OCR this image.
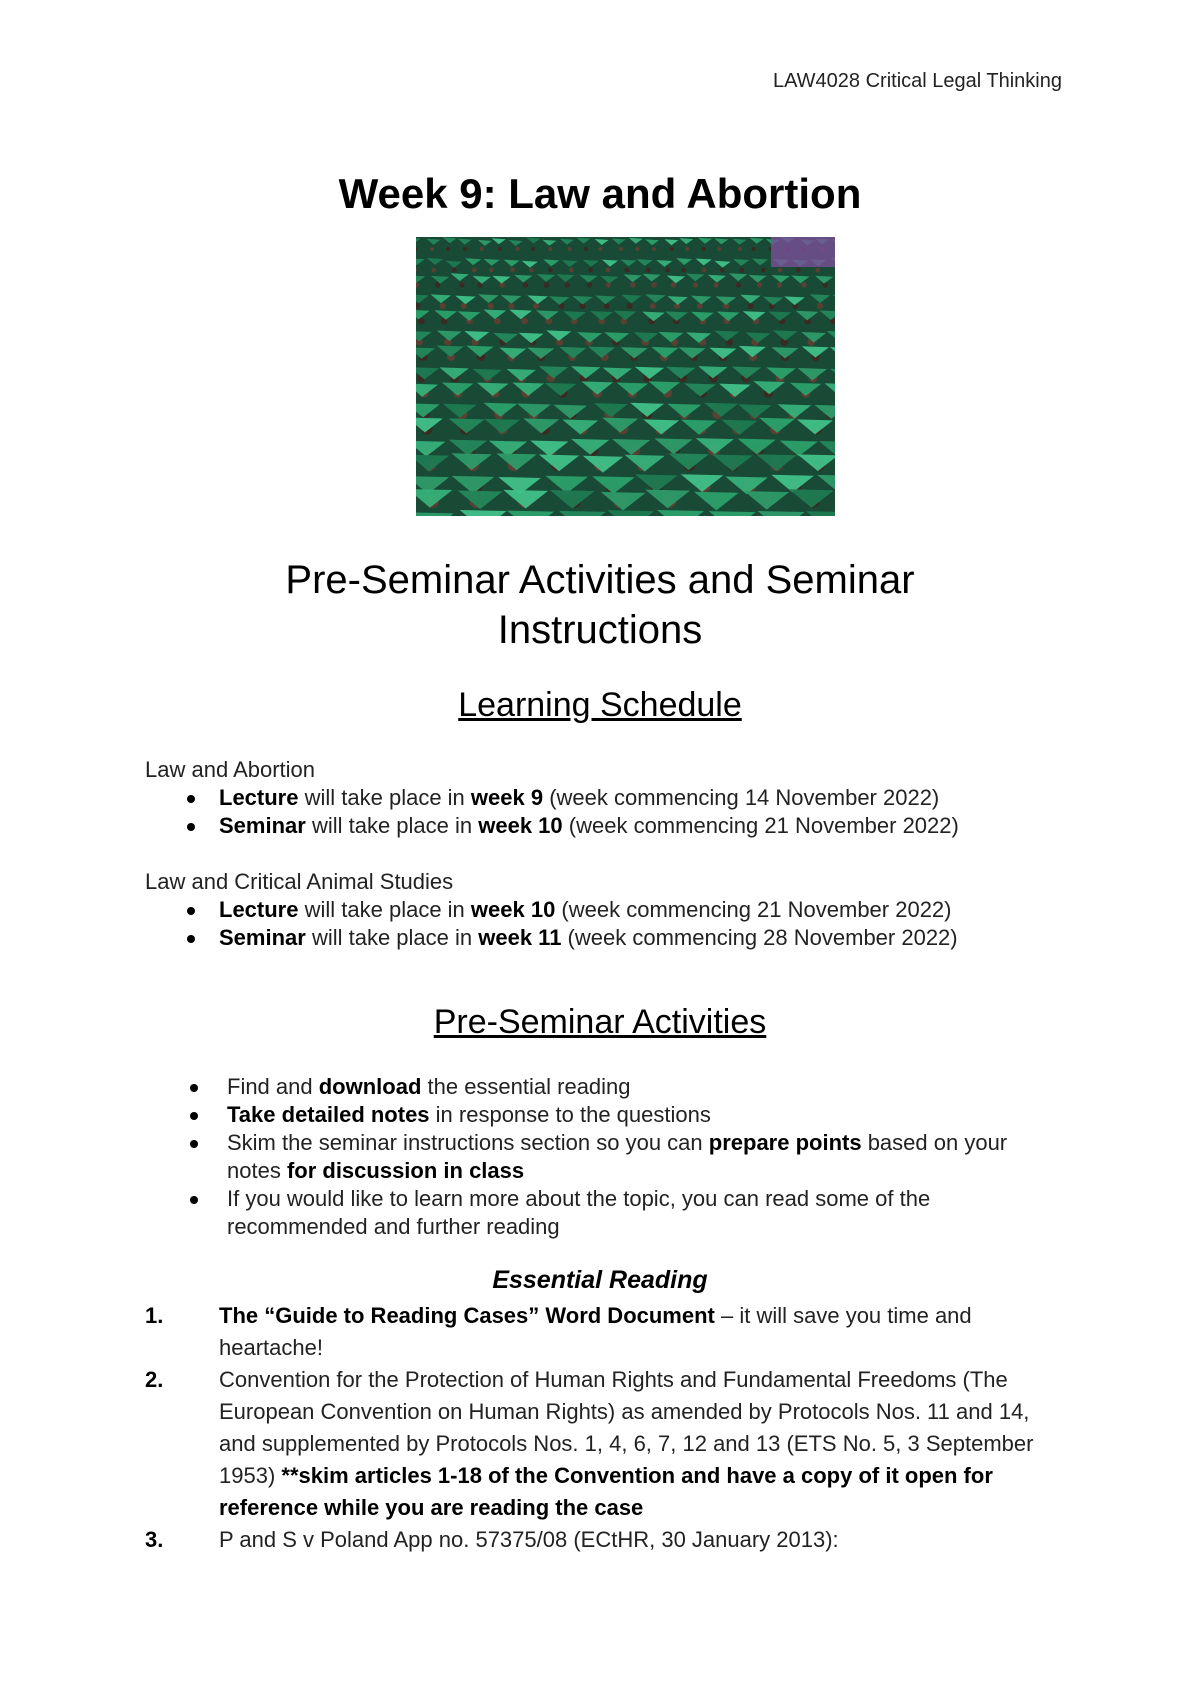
LAW4028 Critical Legal Thinking
Week 9: Law and Abortion
Pre-Seminar Activities and Seminar
Instructions
Learning Schedule
Law and Abortion
Lecture will take place in week 9 (week commencing 14 November 2022)
Seminar will take place in week 10 (week commencing 21 November 2022)
Law and Critical Animal Studies
Lecture will take place in week 10 (week commencing 21 November 2022)
Seminar will take place in week 11 (week commencing 28 November 2022)
Pre-Seminar Activities
Find and download the essential reading
Take detailed notes in response to the questions
Skim the seminar instructions section so you can prepare points based on your notes for discussion in class
If you would like to learn more about the topic, you can read some of the recommended and further reading
Essential Reading
1.	The “Guide to Reading Cases” Word Document – it will save you time and heartache!
2.	Convention for the Protection of Human Rights and Fundamental Freedoms (The European Convention on Human Rights) as amended by Protocols Nos. 11 and 14, and supplemented by Protocols Nos. 1, 4, 6, 7, 12 and 13 (ETS No. 5, 3 September 1953) **skim articles 1-18 of the Convention and have a copy of it open for reference while you are reading the case
3.	P and S v Poland App no. 57375/08 (ECtHR, 30 January 2013):
